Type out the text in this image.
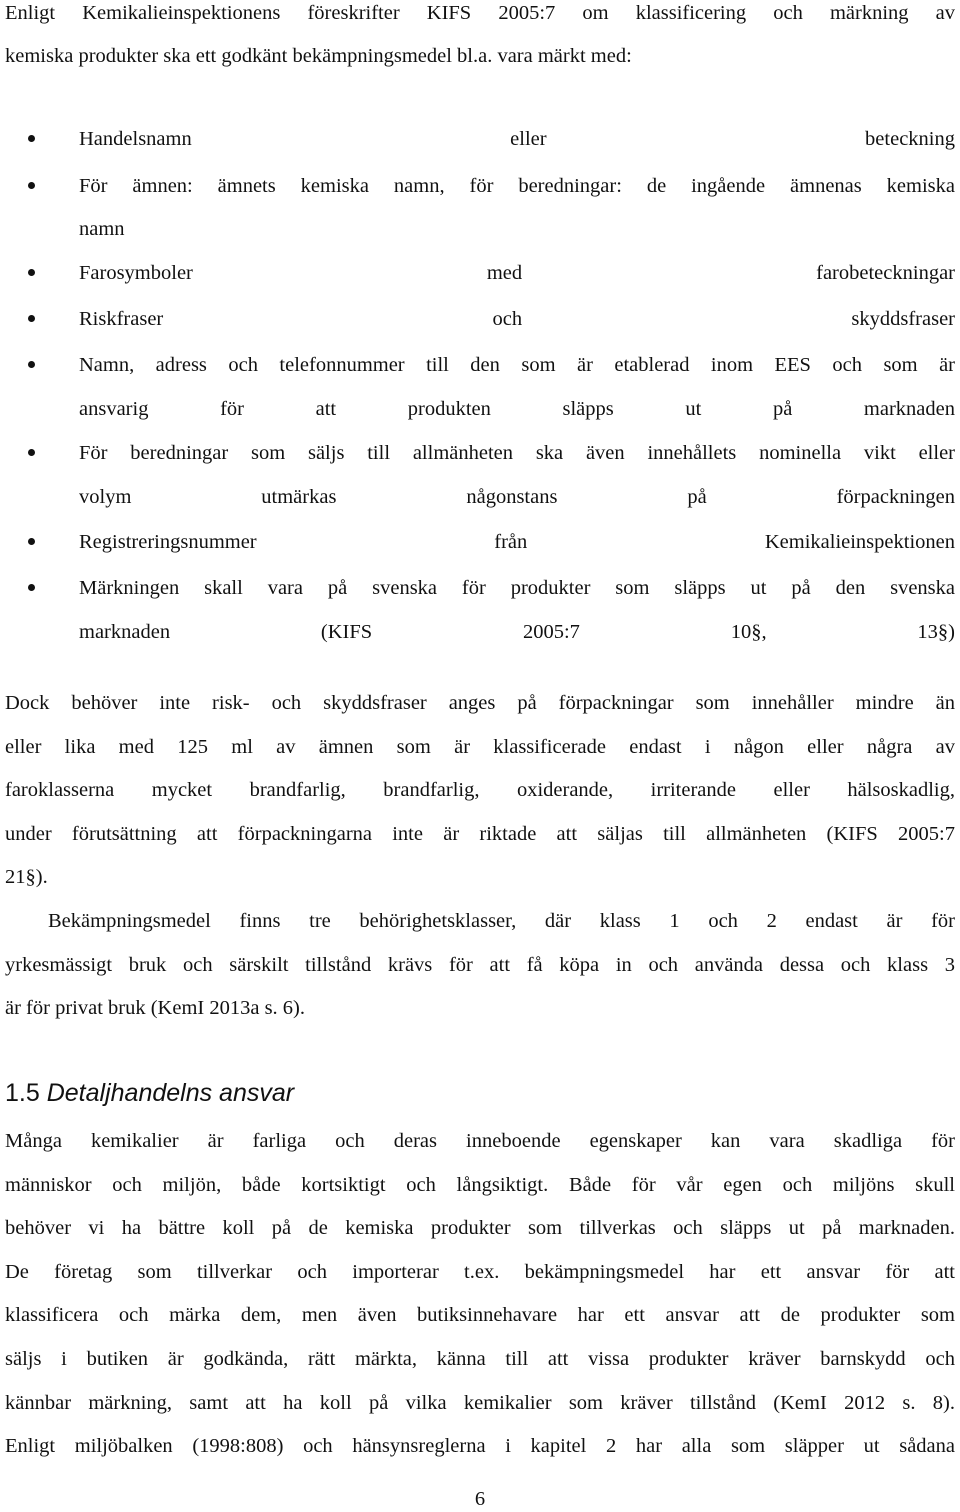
Enligt Kemikalieinspektionens föreskrifter KIFS 2005:7 om klassificering och märkning av
kemiska produkter ska ett godkänt bekämpningsmedel bl.a. vara märkt med:
Handelsnamn eller beteckning
För ämnen: ämnets kemiska namn, för beredningar: de ingående ämnenas kemiska
namn
Farosymboler med farobeteckningar
Riskfraser och skyddsfraser
Namn, adress och telefonnummer till den som är etablerad inom EES och som är
ansvarig för att produkten släpps ut på marknaden
För beredningar som säljs till allmänheten ska även innehållets nominella vikt eller
volym utmärkas någonstans på förpackningen
Registreringsnummer från Kemikalieinspektionen
Märkningen skall vara på svenska för produkter som släpps ut på den svenska
marknaden (KIFS 2005:7 10§, 13§)
Dock behöver inte risk- och skyddsfraser anges på förpackningar som innehåller mindre än
eller lika med 125 ml av ämnen som är klassificerade endast i någon eller några av
faroklasserna mycket brandfarlig, brandfarlig, oxiderande, irriterande eller hälsoskadlig,
under förutsättning att förpackningarna inte är riktade att säljas till allmänheten (KIFS 2005:7
21§).
Bekämpningsmedel finns tre behörighetsklasser, där klass 1 och 2 endast är för
yrkesmässigt bruk och särskilt tillstånd krävs för att få köpa in och använda dessa och klass 3
är för privat bruk (KemI 2013a s. 6).
1.5 Detaljhandelns ansvar
Många kemikalier är farliga och deras inneboende egenskaper kan vara skadliga för
människor och miljön, både kortsiktigt och långsiktigt. Både för vår egen och miljöns skull
behöver vi ha bättre koll på de kemiska produkter som tillverkas och släpps ut på marknaden.
De företag som tillverkar och importerar t.ex. bekämpningsmedel har ett ansvar för att
klassificera och märka dem, men även butiksinnehavare har ett ansvar att de produkter som
säljs i butiken är godkända, rätt märkta, känna till att vissa produkter kräver barnskydd och
kännbar märkning, samt att ha koll på vilka kemikalier som kräver tillstånd (KemI 2012 s. 8).
Enligt miljöbalken (1998:808) och hänsynsreglerna i kapitel 2 har alla som släpper ut sådana
6
